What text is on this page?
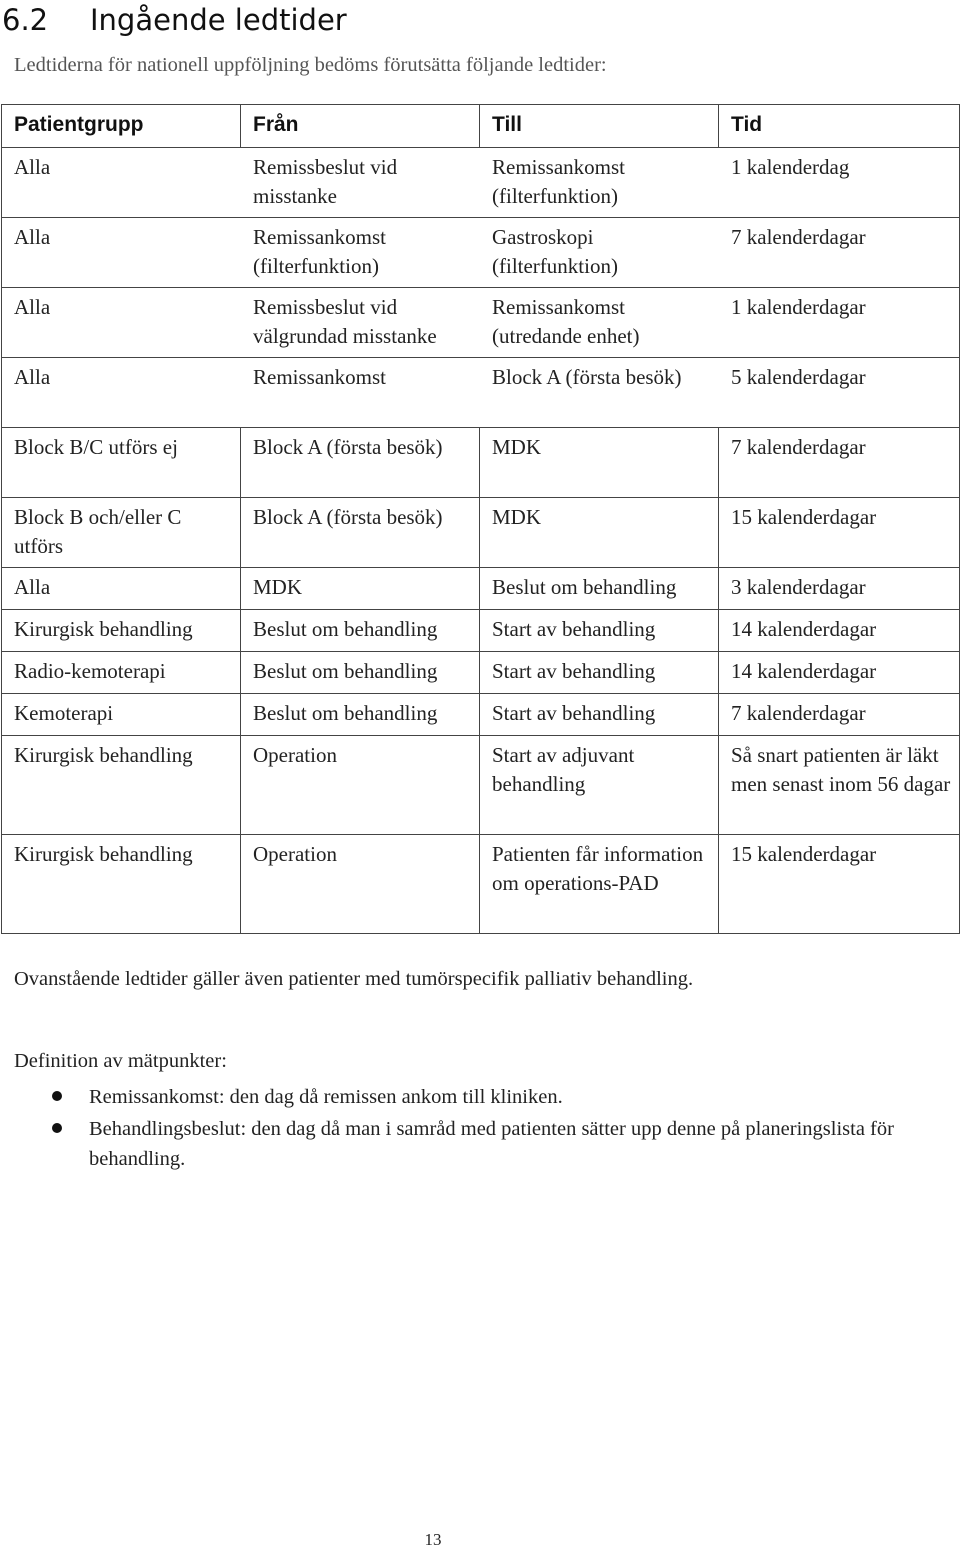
6.2 Ingående ledtider

Ledtiderna för nationell uppföljning bedöms förutsätta följande ledtider:

Patientgrupp	Från	Till	Tid
Alla	Remissbeslut vid misstanke	Remissankomst (filterfunktion)	1 kalenderdag
Alla	Remissankomst (filterfunktion)	Gastroskopi (filterfunktion)	7 kalenderdagar
Alla	Remissbeslut vid välgrundad misstanke	Remissankomst (utredande enhet)	1 kalenderdagar
Alla	Remissankomst	Block A (första besök)	5 kalenderdagar
Block B/C utförs ej	Block A (första besök)	MDK	7 kalenderdagar
Block B och/eller C utförs	Block A (första besök)	MDK	15 kalenderdagar
Alla	MDK	Beslut om behandling	3 kalenderdagar
Kirurgisk behandling	Beslut om behandling	Start av behandling	14 kalenderdagar
Radio-kemoterapi	Beslut om behandling	Start av behandling	14 kalenderdagar
Kemoterapi	Beslut om behandling	Start av behandling	7 kalenderdagar
Kirurgisk behandling	Operation	Start av adjuvant behandling	Så snart patienten är läkt men senast inom 56 dagar
Kirurgisk behandling	Operation	Patienten får information om operations-PAD	15 kalenderdagar

Ovanstående ledtider gäller även patienter med tumörspecifik palliativ behandling.

Definition av mätpunkter:

Remissankomst: den dag då remissen ankom till kliniken.
Behandlingsbeslut: den dag då man i samråd med patienten sätter upp denne på planeringslista för behandling.
13
